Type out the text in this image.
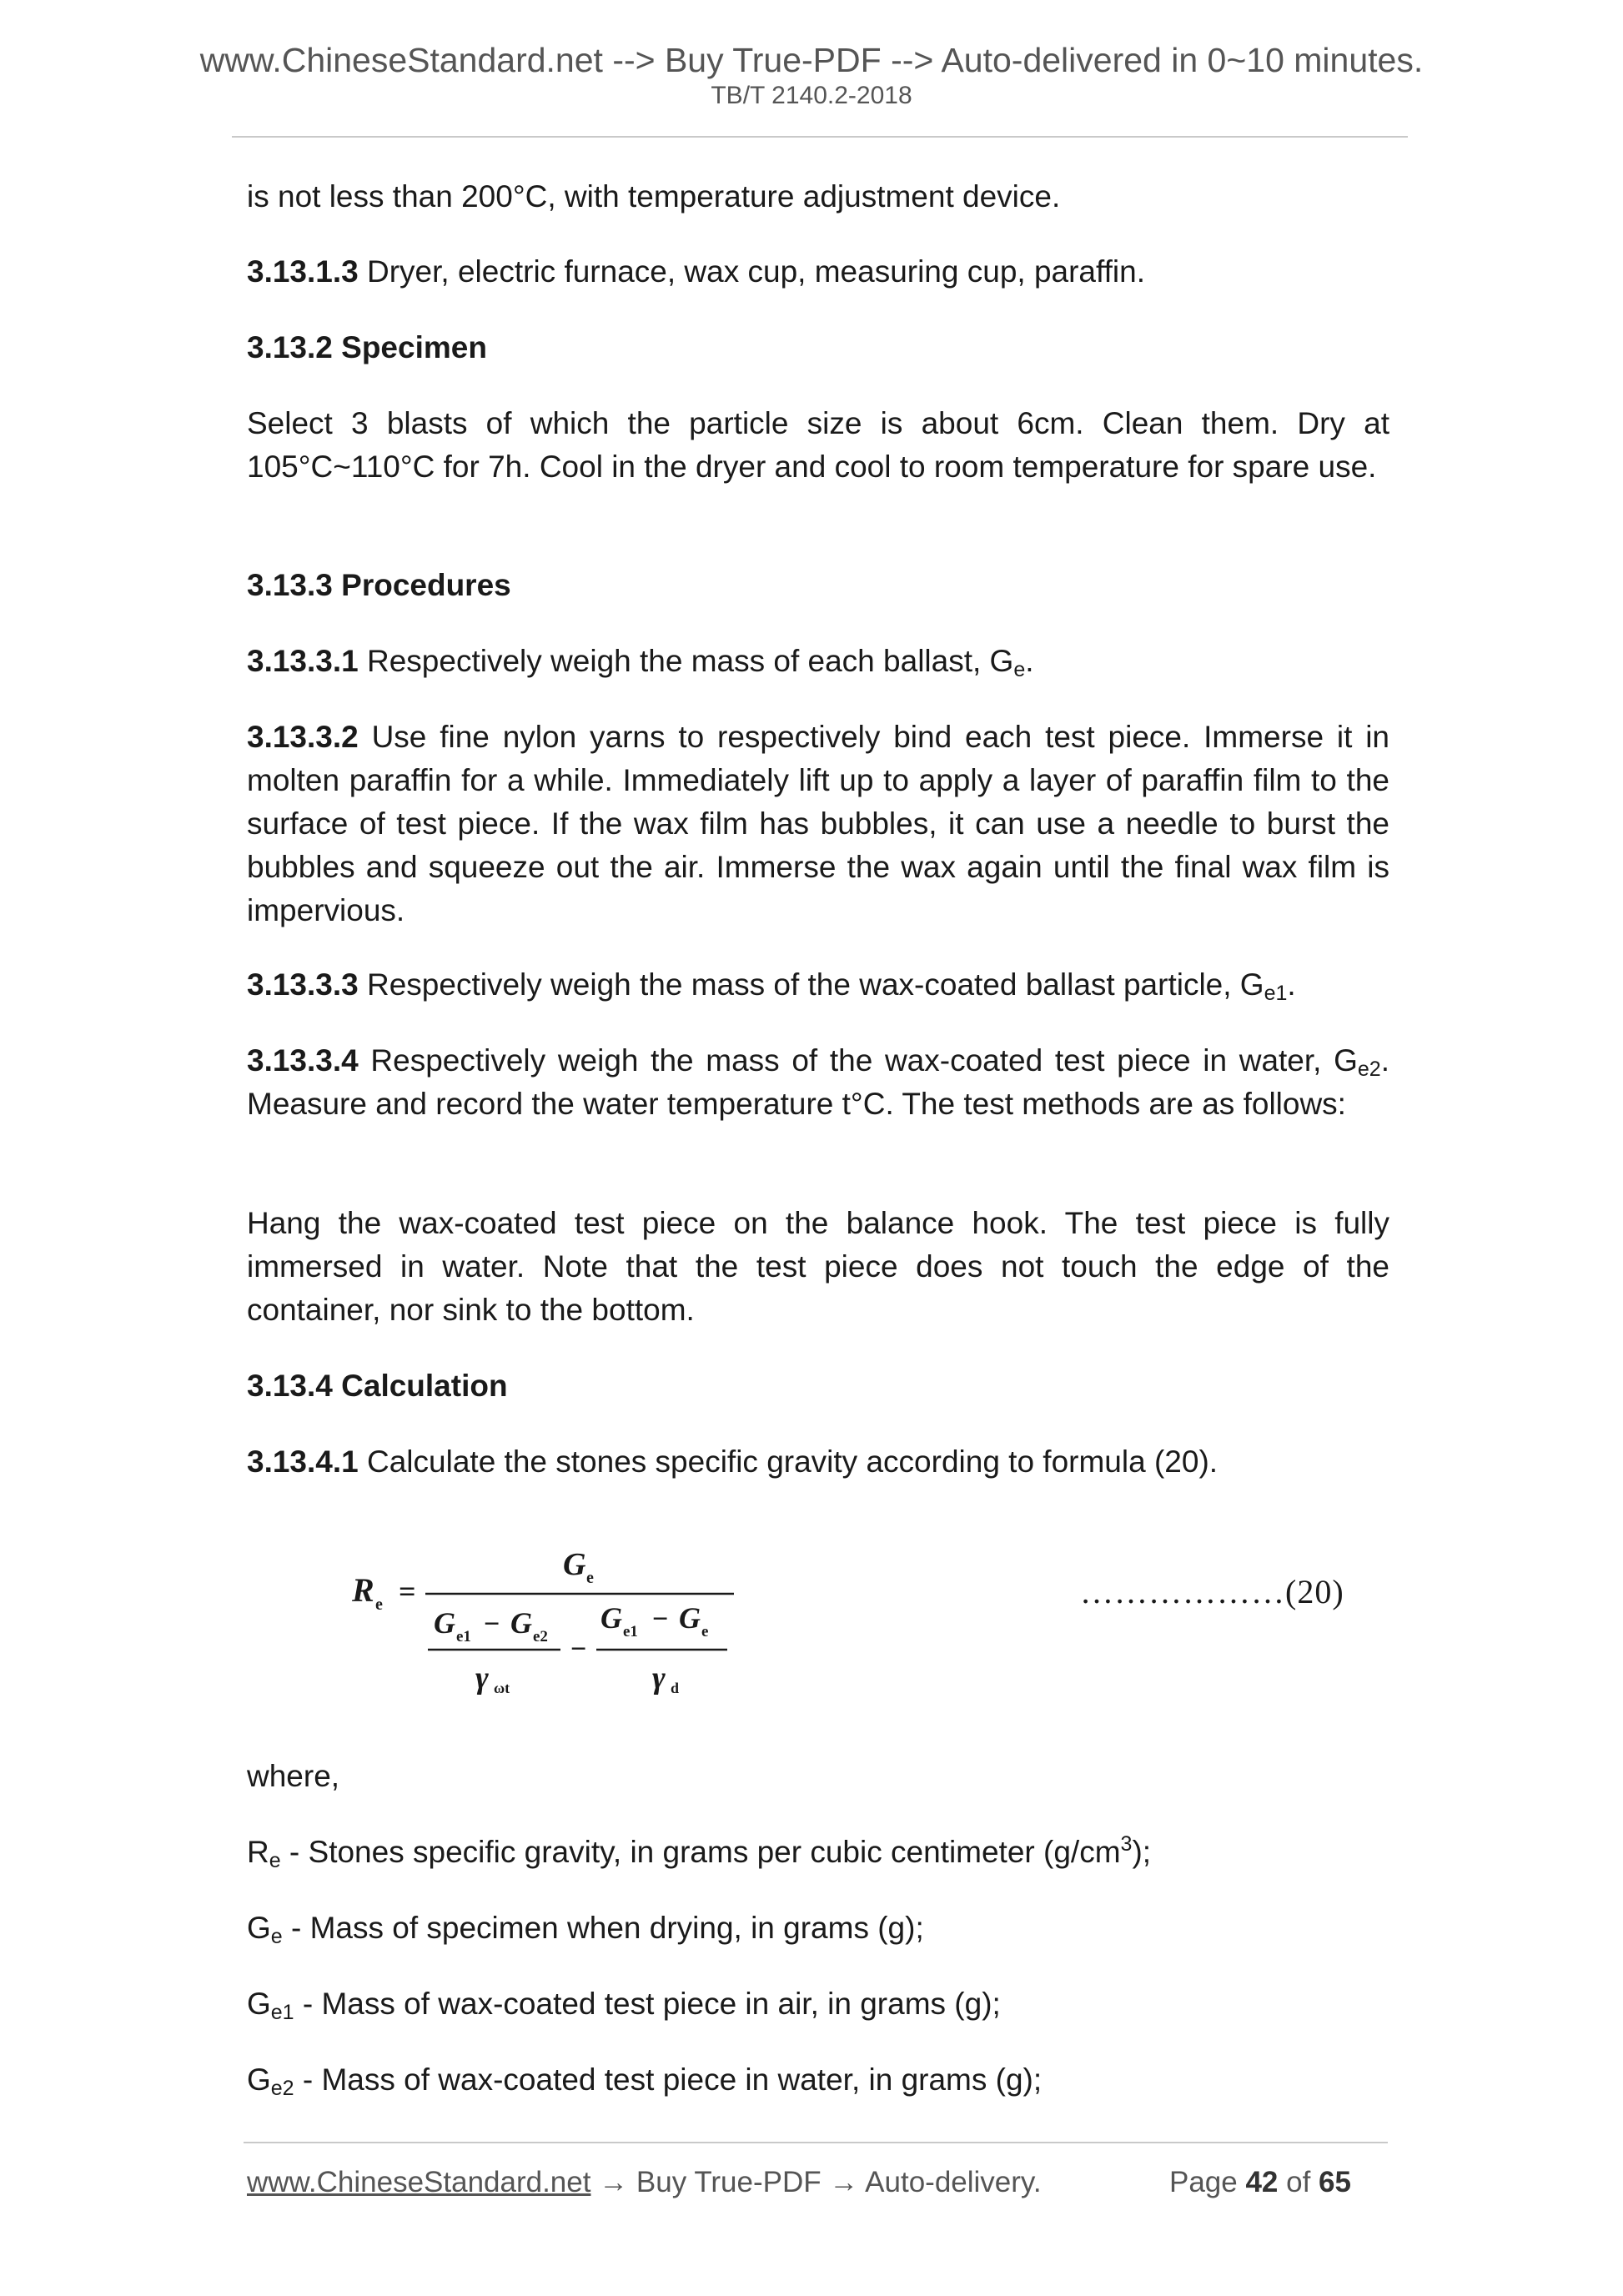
www.ChineseStandard.net --> Buy True-PDF --> Auto-delivered in 0~10 minutes.
TB/T 2140.2-2018

is not less than 200°C, with temperature adjustment device.

3.13.1.3 Dryer, electric furnace, wax cup, measuring cup, paraffin.

3.13.2 Specimen

Select 3 blasts of which the particle size is about 6cm. Clean them. Dry at 105°C~110°C for 7h. Cool in the dryer and cool to room temperature for spare use.

3.13.3 Procedures

3.13.3.1 Respectively weigh the mass of each ballast, $G_e$.

3.13.3.2 Use fine nylon yarns to respectively bind each test piece. Immerse it in molten paraffin for a while. Immediately lift up to apply a layer of paraffin film to the surface of test piece. If the wax film has bubbles, it can use a needle to burst the bubbles and squeeze out the air. Immerse the wax again until the final wax film is impervious.

3.13.3.3 Respectively weigh the mass of the wax-coated ballast particle, $G_{e1}$.

3.13.3.4 Respectively weigh the mass of the wax-coated test piece in water, $G_{e2}$. Measure and record the water temperature t°C. The test methods are as follows:

Hang the wax-coated test piece on the balance hook. The test piece is fully immersed in water. Note that the test piece does not touch the edge of the container, nor sink to the bottom.

3.13.4 Calculation

3.13.4.1 Calculate the stones specific gravity according to formula (20).

R e =
G e
G e1 − G e2
γ ωt
−
G e1 − G e
γ d
………………(20)

where,

$R_e$ - Stones specific gravity, in grams per cubic centimeter $(g/cm^3)$;

$G_e$ - Mass of specimen when drying, in grams (g);

$G_{e1}$ - Mass of wax-coated test piece in air, in grams (g);

$G_{e2}$ - Mass of wax-coated test piece in water, in grams (g);

www.ChineseStandard.net → Buy True-PDF → Auto-delivery.	Page 42 of 65
